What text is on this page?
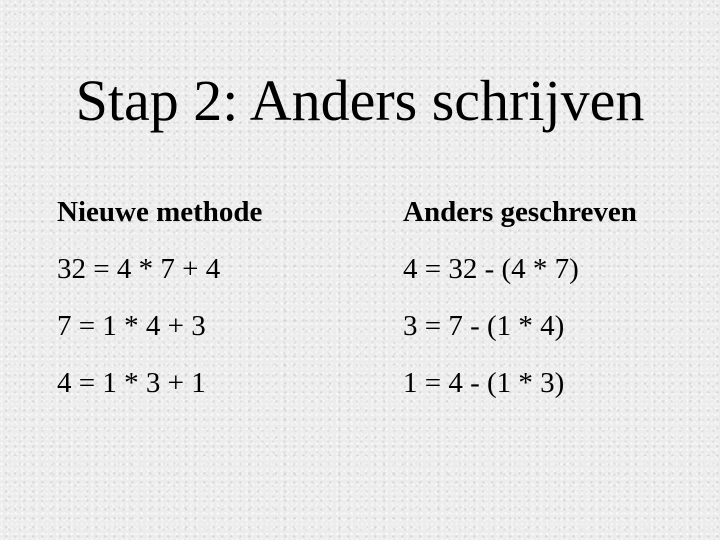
Stap 2: Anders schrijven
Nieuwe methode
32 = 4 * 7 + 4
7 = 1 * 4 + 3
4 = 1 * 3 + 1
Anders geschreven
4 = 32 - (4 * 7)
3 = 7 - (1 * 4)
1 = 4 - (1 * 3)
